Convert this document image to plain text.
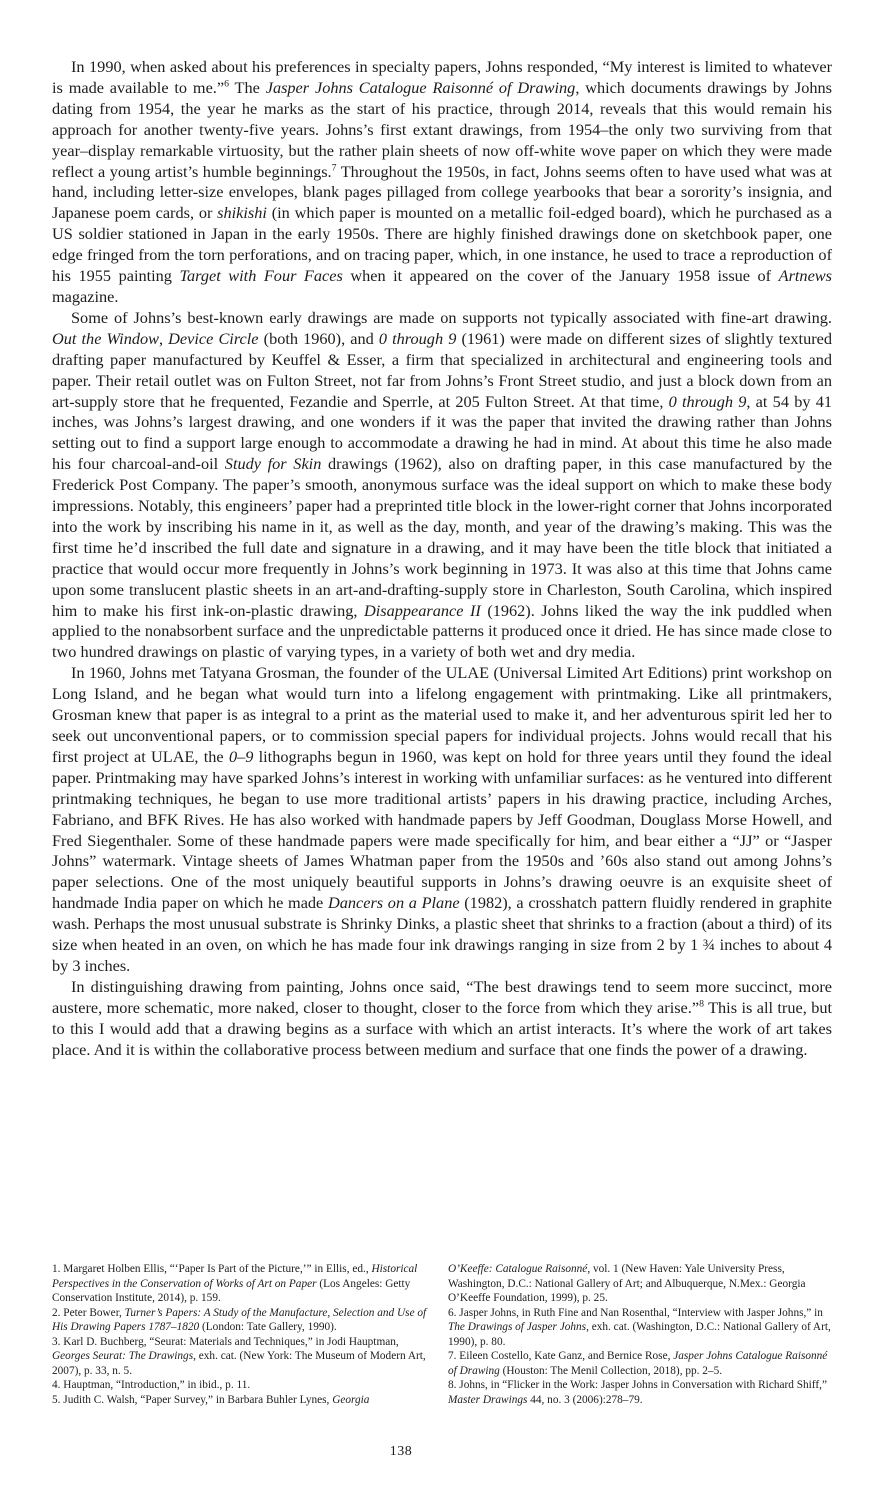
In 1990, when asked about his preferences in specialty papers, Johns responded, “My interest is limited to whatever is made available to me.”$^6$ The Jasper Johns Catalogue Raisonné of Drawing, which documents drawings by Johns dating from 1954, the year he marks as the start of his practice, through 2014, reveals that this would remain his approach for another twenty-five years. Johns’s first extant drawings, from 1954–the only two surviving from that year–display remarkable virtuosity, but the rather plain sheets of now off-white wove paper on which they were made reflect a young artist’s humble beginnings.$^7$ Throughout the 1950s, in fact, Johns seems often to have used what was at hand, including letter-size envelopes, blank pages pillaged from college yearbooks that bear a sorority’s insignia, and Japanese poem cards, or shikishi (in which paper is mounted on a metallic foil-edged board), which he purchased as a US soldier stationed in Japan in the early 1950s. There are highly finished drawings done on sketchbook paper, one edge fringed from the torn perforations, and on tracing paper, which, in one instance, he used to trace a reproduction of his 1955 painting Target with Four Faces when it appeared on the cover of the January 1958 issue of Artnews magazine.

Some of Johns’s best-known early drawings are made on supports not typically associated with fine-art drawing. Out the Window, Device Circle (both 1960), and 0 through 9 (1961) were made on different sizes of slightly textured drafting paper manufactured by Keuffel & Esser, a firm that specialized in architectural and engineering tools and paper. Their retail outlet was on Fulton Street, not far from Johns’s Front Street studio, and just a block down from an art-supply store that he frequented, Fezandie and Sperrle, at 205 Fulton Street. At that time, 0 through 9, at 54 by 41 inches, was Johns’s largest drawing, and one wonders if it was the paper that invited the drawing rather than Johns setting out to find a support large enough to accommodate a drawing he had in mind. At about this time he also made his four charcoal-and-oil Study for Skin drawings (1962), also on drafting paper, in this case manufactured by the Frederick Post Company. The paper’s smooth, anonymous surface was the ideal support on which to make these body impressions. Notably, this engineers’ paper had a preprinted title block in the lower-right corner that Johns incorporated into the work by inscribing his name in it, as well as the day, month, and year of the drawing’s making. This was the first time he’d inscribed the full date and signature in a drawing, and it may have been the title block that initiated a practice that would occur more frequently in Johns’s work beginning in 1973. It was also at this time that Johns came upon some translucent plastic sheets in an art-and-drafting-supply store in Charleston, South Carolina, which inspired him to make his first ink-on-plastic drawing, Disappearance II (1962). Johns liked the way the ink puddled when applied to the nonabsorbent surface and the unpredictable patterns it produced once it dried. He has since made close to two hundred drawings on plastic of varying types, in a variety of both wet and dry media.

In 1960, Johns met Tatyana Grosman, the founder of the ULAE (Universal Limited Art Editions) print workshop on Long Island, and he began what would turn into a lifelong engagement with printmaking. Like all printmakers, Grosman knew that paper is as integral to a print as the material used to make it, and her adventurous spirit led her to seek out unconventional papers, or to commission special papers for individual projects. Johns would recall that his first project at ULAE, the 0–9 lithographs begun in 1960, was kept on hold for three years until they found the ideal paper. Printmaking may have sparked Johns’s interest in working with unfamiliar surfaces: as he ventured into different printmaking techniques, he began to use more traditional artists’ papers in his drawing practice, including Arches, Fabriano, and BFK Rives. He has also worked with handmade papers by Jeff Goodman, Douglass Morse Howell, and Fred Siegenthaler. Some of these handmade papers were made specifically for him, and bear either a “JJ” or “Jasper Johns” watermark. Vintage sheets of James Whatman paper from the 1950s and ’60s also stand out among Johns’s paper selections. One of the most uniquely beautiful supports in Johns’s drawing oeuvre is an exquisite sheet of handmade India paper on which he made Dancers on a Plane (1982), a crosshatch pattern fluidly rendered in graphite wash. Perhaps the most unusual substrate is Shrinky Dinks, a plastic sheet that shrinks to a fraction (about a third) of its size when heated in an oven, on which he has made four ink drawings ranging in size from 2 by 1 ¾ inches to about 4 by 3 inches.

In distinguishing drawing from painting, Johns once said, “The best drawings tend to seem more succinct, more austere, more schematic, more naked, closer to thought, closer to the force from which they arise.”$^8$ This is all true, but to this I would add that a drawing begins as a surface with which an artist interacts. It’s where the work of art takes place. And it is within the collaborative process between medium and surface that one finds the power of a drawing.

1. Margaret Holben Ellis, “‘Paper Is Part of the Picture,’” in Ellis, ed., Historical Perspectives in the Conservation of Works of Art on Paper (Los Angeles: Getty Conservation Institute, 2014), p. 159.

2. Peter Bower, Turner’s Papers: A Study of the Manufacture, Selection and Use of His Drawing Papers 1787–1820 (London: Tate Gallery, 1990).

3. Karl D. Buchberg, “Seurat: Materials and Techniques,” in Jodi Hauptman, Georges Seurat: The Drawings, exh. cat. (New York: The Museum of Modern Art, 2007), p. 33, n. 5.

4. Hauptman, “Introduction,” in ibid., p. 11.

5. Judith C. Walsh, “Paper Survey,” in Barbara Buhler Lynes, Georgia

O’Keeffe: Catalogue Raisonné, vol. 1 (New Haven: Yale University Press, Washington, D.C.: National Gallery of Art; and Albuquerque, N.Mex.: Georgia O’Keeffe Foundation, 1999), p. 25.

6. Jasper Johns, in Ruth Fine and Nan Rosenthal, “Interview with Jasper Johns,” in The Drawings of Jasper Johns, exh. cat. (Washington, D.C.: National Gallery of Art, 1990), p. 80.

7. Eileen Costello, Kate Ganz, and Bernice Rose, Jasper Johns Catalogue Raisonné of Drawing (Houston: The Menil Collection, 2018), pp. 2–5.

8. Johns, in “Flicker in the Work: Jasper Johns in Conversation with Richard Shiff,” Master Drawings 44, no. 3 (2006):278–79.

138
